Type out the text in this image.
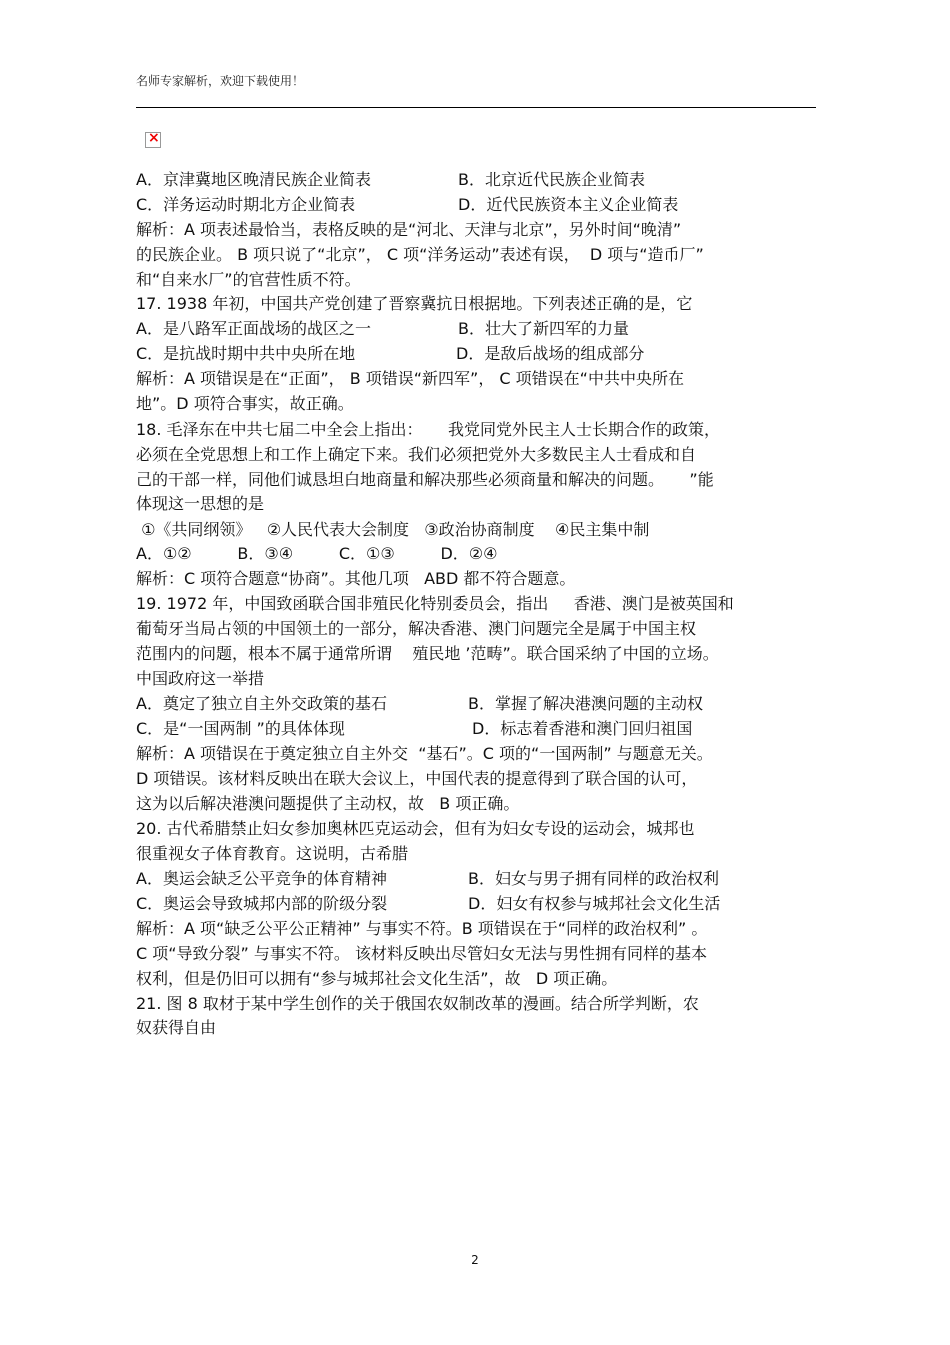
名师专家解析，欢迎下载使用！
×
A．京津冀地区晚清民族企业简表	B．北京近代民族企业简表
C．洋务运动时期北方企业简表	D．近代民族资本主义企业简表
解析：A 项表述最恰当，表格反映的是“河北、天津与北京”，另外时间“晚清”
的民族企业。 B 项只说了“北京”， C 项“洋务运动”表述有误，  D 项与“造币厂”
和“自来水厂”的官营性质不符。
17. 1938 年初，中国共产党创建了晋察冀抗日根据地。下列表述正确的是，它
A．是八路军正面战场的战区之一	B．壮大了新四军的力量
C．是抗战时期中共中央所在地	D．是敌后战场的组成部分
解析：A 项错误是在“正面”， B 项错误“新四军”， C 项错误在“中共中央所在
地”。D 项符合事实，故正确。
18. 毛泽东在中共七届二中全会上指出：     我党同党外民主人士长期合作的政策，
必须在全党思想上和工作上确定下来。我们必须把党外大多数民主人士看成和自
己的干部一样，同他们诚恳坦白地商量和解决那些必须商量和解决的问题。     ”能
体现这一思想的是
①《共同纲领》   ②人民代表大会制度   ③政治协商制度    ④民主集中制
A．①②         B．③④         C．①③         D．②④
解析：C 项符合题意“协商”。其他几项   ABD 都不符合题意。
19. 1972 年，中国致函联合国非殖民化特别委员会，指出     香港、澳门是被英国和
葡萄牙当局占领的中国领土的一部分，解决香港、澳门问题完全是属于中国主权
范围内的问题，根本不属于通常所谓    殖民地 ’范畴”。联合国采纳了中国的立场。
中国政府这一举措
A．奠定了独立自主外交政策的基石	B．掌握了解决港澳问题的主动权
C．是“一国两制 ”的具体体现	D．标志着香港和澳门回归祖国
解析：A 项错误在于奠定独立自主外交  “基石”。C 项的“一国两制” 与题意无关。
D 项错误。该材料反映出在联大会议上，中国代表的提意得到了联合国的认可，
这为以后解决港澳问题提供了主动权，故   B 项正确。
20. 古代希腊禁止妇女参加奥林匹克运动会，但有为妇女专设的运动会，城邦也
很重视女子体育教育。这说明，古希腊
A．奥运会缺乏公平竞争的体育精神	B．妇女与男子拥有同样的政治权利
C．奥运会导致城邦内部的阶级分裂	D．妇女有权参与城邦社会文化生活
解析：A 项“缺乏公平公正精神” 与事实不符。B 项错误在于“同样的政治权利” 。
C 项“导致分裂” 与事实不符。 该材料反映出尽管妇女无法与男性拥有同样的基本
权利，但是仍旧可以拥有“参与城邦社会文化生活”，故   D 项正确。
21. 图 8 取材于某中学生创作的关于俄国农奴制改革的漫画。结合所学判断，农
奴获得自由
2
